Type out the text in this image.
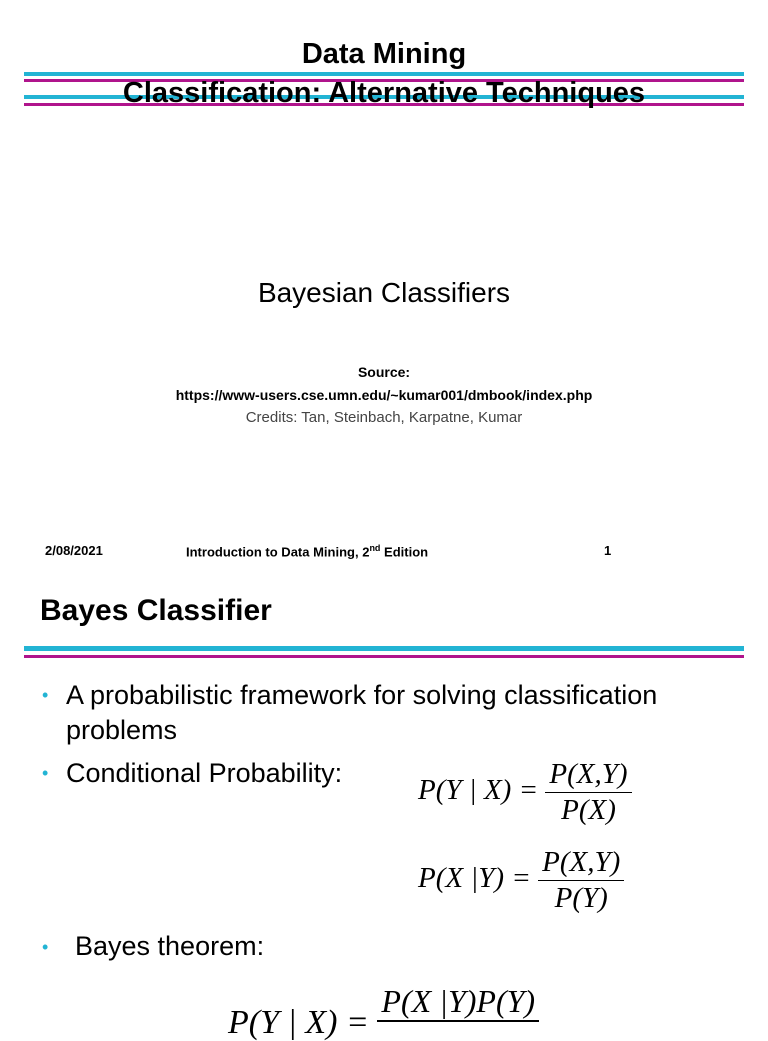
Data Mining
Classification: Alternative Techniques
Bayesian Classifiers
Source:
https://www-users.cse.umn.edu/~kumar001/dmbook/index.php
Credits: Tan, Steinbach, Karpatne, Kumar
2/08/2021	Introduction to Data Mining, 2nd Edition	1
Bayes Classifier
• A probabilistic framework for solving classification
problems
• Conditional Probability:
P(Y | $X) = \frac{P(X,Y)}{P(X)}$
P(X $|Y) = \frac{P(X,Y)}{P(Y)}$
• Bayes theorem:
P(Y | X) =
P(X |Y)P(Y)
